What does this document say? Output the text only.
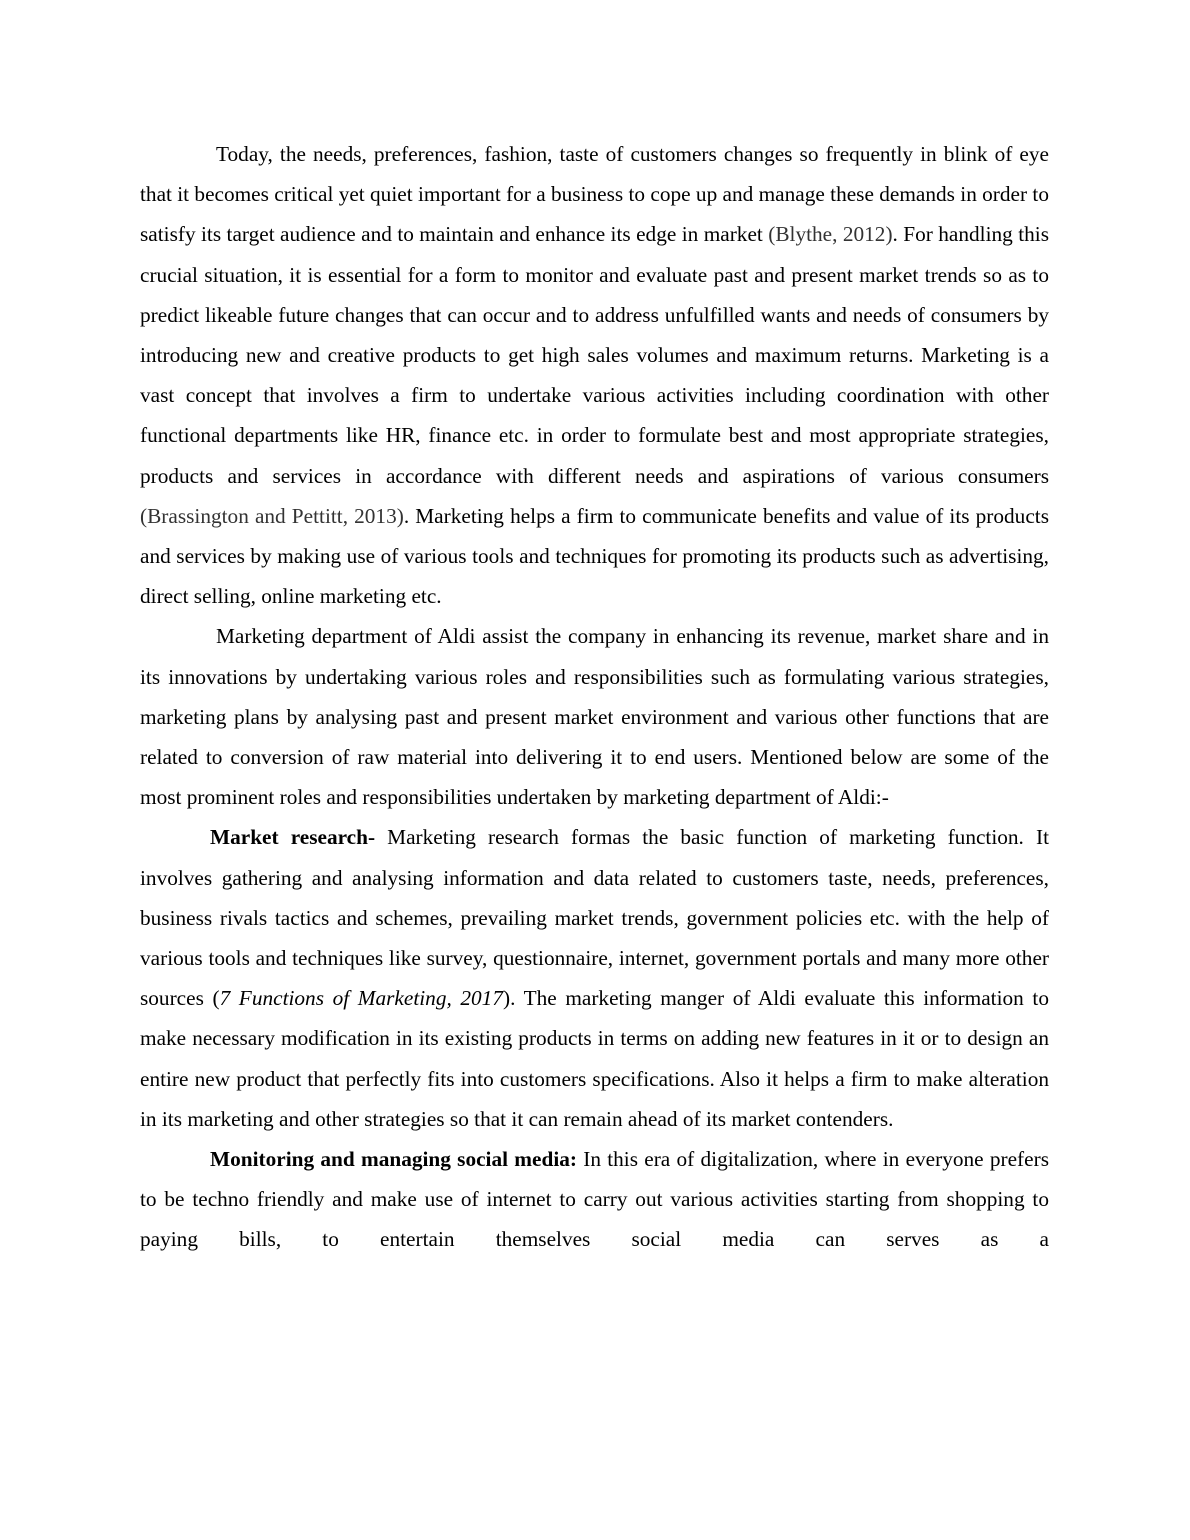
Today, the needs, preferences, fashion, taste of customers changes so frequently in blink of eye that it becomes critical yet quiet important for a business to cope up and manage these demands in order to satisfy its target audience and to maintain and enhance its edge in market (Blythe, 2012). For handling this crucial situation, it is essential for a form to monitor and evaluate past and present market trends so as to predict likeable future changes that can occur and to address unfulfilled wants and needs of consumers by introducing new and creative products to get high sales volumes and maximum returns. Marketing is a vast concept that involves a firm to undertake various activities including coordination with other functional departments like HR, finance etc. in order to formulate best and most appropriate strategies, products and services in accordance with different needs and aspirations of various consumers (Brassington and Pettitt, 2013). Marketing helps a firm to communicate benefits and value of its products and services by making use of various tools and techniques for promoting its products such as advertising, direct selling, online marketing etc.

Marketing department of Aldi assist the company in enhancing its revenue, market share and in its innovations by undertaking various roles and responsibilities such as formulating various strategies, marketing plans by analysing past and present market environment and various other functions that are related to conversion of raw material into delivering it to end users. Mentioned below are some of the most prominent roles and responsibilities undertaken by marketing department of Aldi:-

Market research- Marketing research formas the basic function of marketing function. It involves gathering and analysing information and data related to customers taste, needs, preferences, business rivals tactics and schemes, prevailing market trends, government policies etc. with the help of various tools and techniques like survey, questionnaire, internet, government portals and many more other sources (7 Functions of Marketing, 2017). The marketing manger of Aldi evaluate this information to make necessary modification in its existing products in terms on adding new features in it or to design an entire new product that perfectly fits into customers specifications. Also it helps a firm to make alteration in its marketing and other strategies so that it can remain ahead of its market contenders.

Monitoring and managing social media: In this era of digitalization, where in everyone prefers to be techno friendly and make use of internet to carry out various activities starting from shopping to paying bills, to entertain themselves social media can serves as a
